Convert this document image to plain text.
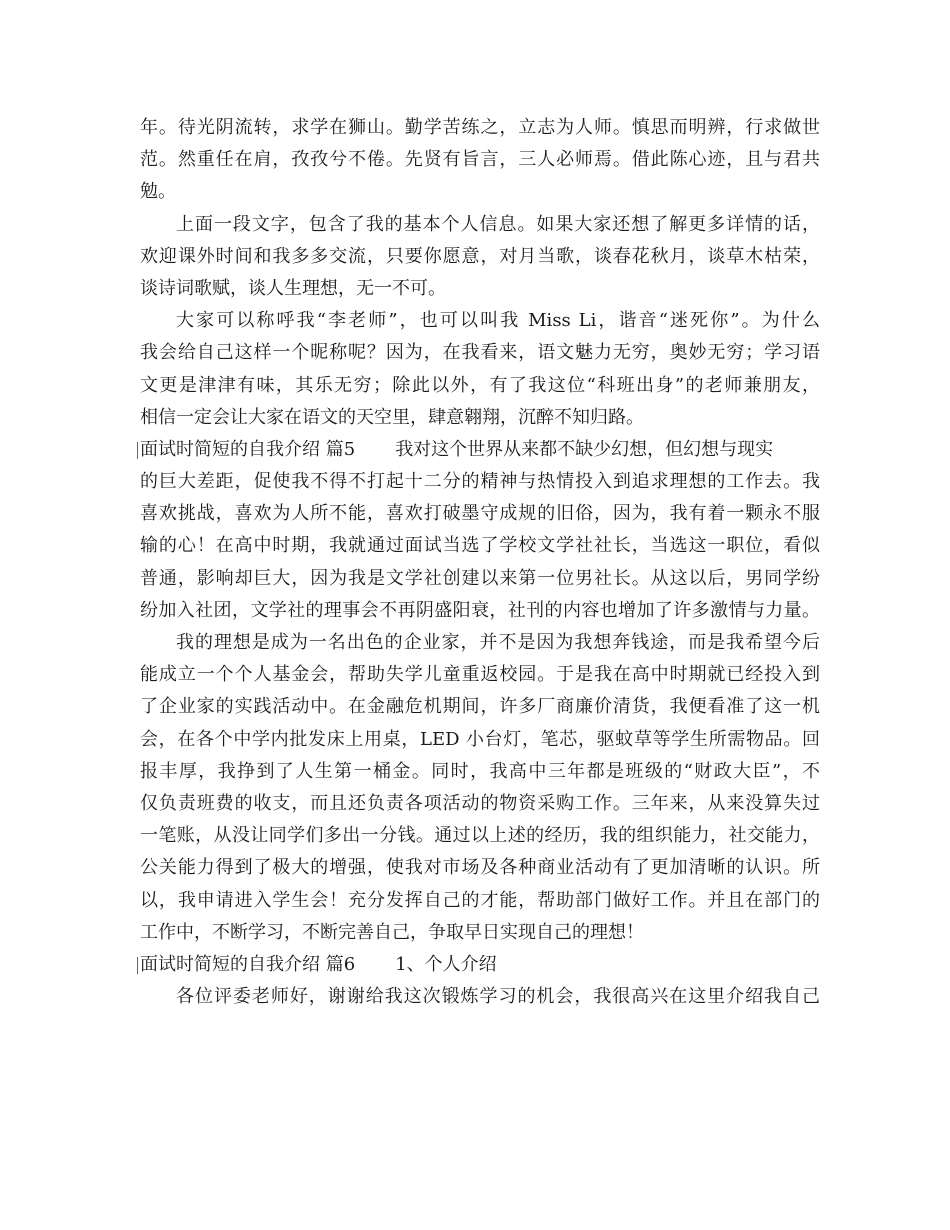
年。待光阴流转，求学在狮山。勤学苦练之，立志为人师。慎思而明辨，行求做世
范。然重任在肩，孜孜兮不倦。先贤有旨言，三人必师焉。借此陈心迹，且与君共
勉。
上面一段文字，包含了我的基本个人信息。如果大家还想了解更多详情的话，
欢迎课外时间和我多多交流，只要你愿意，对月当歌，谈春花秋月，谈草木枯荣，
谈诗词歌赋，谈人生理想，无一不可。
大家可以称呼我“李老师”，也可以叫我 Miss Li，谐音“迷死你”。为什么
我会给自己这样一个昵称呢？因为，在我看来，语文魅力无穷，奥妙无穷；学习语
文更是津津有味，其乐无穷；除此以外，有了我这位“科班出身”的老师兼朋友，
相信一定会让大家在语文的天空里，肆意翱翔，沉醉不知归路。
面试时简短的自我介绍 篇5 我对这个世界从来都不缺少幻想，但幻想与现实
的巨大差距，促使我不得不打起十二分的精神与热情投入到追求理想的工作去。我
喜欢挑战，喜欢为人所不能，喜欢打破墨守成规的旧俗，因为，我有着一颗永不服
输的心！在高中时期，我就通过面试当选了学校文学社社长，当选这一职位，看似
普通，影响却巨大，因为我是文学社创建以来第一位男社长。从这以后，男同学纷
纷加入社团，文学社的理事会不再阴盛阳衰，社刊的内容也增加了许多激情与力量。
我的理想是成为一名出色的企业家，并不是因为我想奔钱途，而是我希望今后
能成立一个个人基金会，帮助失学儿童重返校园。于是我在高中时期就已经投入到
了企业家的实践活动中。在金融危机期间，许多厂商廉价清货，我便看准了这一机
会，在各个中学内批发床上用桌，LED 小台灯，笔芯，驱蚊草等学生所需物品。回
报丰厚，我挣到了人生第一桶金。同时，我高中三年都是班级的“财政大臣”，不
仅负责班费的收支，而且还负责各项活动的物资采购工作。三年来，从来没算失过
一笔账，从没让同学们多出一分钱。通过以上述的经历，我的组织能力，社交能力，
公关能力得到了极大的增强，使我对市场及各种商业活动有了更加清晰的认识。所
以，我申请进入学生会！充分发挥自己的才能，帮助部门做好工作。并且在部门的
工作中，不断学习，不断完善自己，争取早日实现自己的理想！
面试时简短的自我介绍 篇6 1、个人介绍
各位评委老师好，谢谢给我这次锻炼学习的机会，我很高兴在这里介绍我自己
